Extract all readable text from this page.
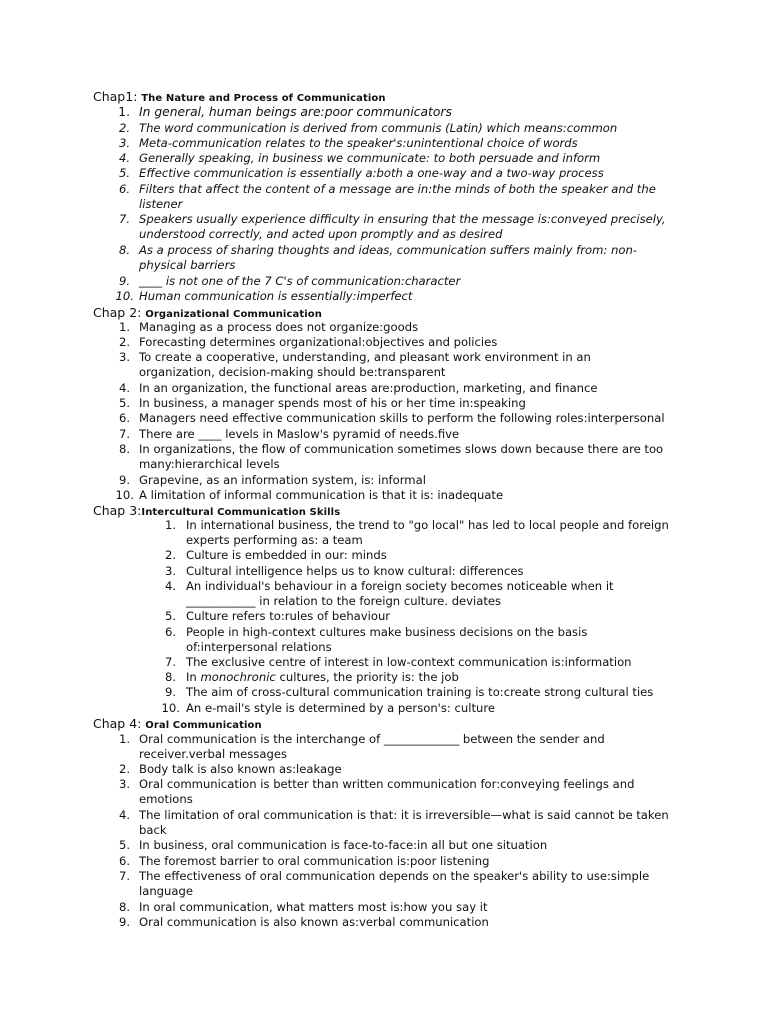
Chap1: The Nature and Process of Communication
1. In general, human beings are:poor communicators
2. The word communication is derived from communis (Latin) which means:common
3. Meta-communication relates to the speaker's:unintentional choice of words
4. Generally speaking, in business we communicate: to both persuade and inform
5. Effective communication is essentially a:both a one-way and a two-way process
6. Filters that affect the content of a message are in:the minds of both the speaker and the listener
7. Speakers usually experience difficulty in ensuring that the message is:conveyed precisely, understood correctly, and acted upon promptly and as desired
8. As a process of sharing thoughts and ideas, communication suffers mainly from: non-physical barriers
9. ____ is not one of the 7 C's of communication:character
10. Human communication is essentially:imperfect
Chap 2: Organizational Communication
1. Managing as a process does not organize:goods
2. Forecasting determines organizational:objectives and policies
3. To create a cooperative, understanding, and pleasant work environment in an organization, decision-making should be:transparent
4. In an organization, the functional areas are:production, marketing, and finance
5. In business, a manager spends most of his or her time in:speaking
6. Managers need effective communication skills to perform the following roles:interpersonal
7. There are ____ levels in Maslow's pyramid of needs.five
8. In organizations, the flow of communication sometimes slows down because there are too many:hierarchical levels
9. Grapevine, as an information system, is: informal
10. A limitation of informal communication is that it is: inadequate
Chap 3:Intercultural Communication Skills
1. In international business, the trend to "go local" has led to local people and foreign experts performing as: a team
2. Culture is embedded in our: minds
3. Cultural intelligence helps us to know cultural: differences
4. An individual's behaviour in a foreign society becomes noticeable when it ____________ in relation to the foreign culture. deviates
5. Culture refers to:rules of behaviour
6. People in high-context cultures make business decisions on the basis of:interpersonal relations
7. The exclusive centre of interest in low-context communication is:information
8. In monochronic cultures, the priority is: the job
9. The aim of cross-cultural communication training is to:create strong cultural ties
10. An e-mail's style is determined by a person's: culture
Chap 4: Oral Communication
1. Oral communication is the interchange of _____________ between the sender and receiver.verbal messages
2. Body talk is also known as:leakage
3. Oral communication is better than written communication for:conveying feelings and emotions
4. The limitation of oral communication is that: it is irreversible—what is said cannot be taken back
5. In business, oral communication is face-to-face:in all but one situation
6. The foremost barrier to oral communication is:poor listening
7. The effectiveness of oral communication depends on the speaker's ability to use:simple language
8. In oral communication, what matters most is:how you say it
9. Oral communication is also known as:verbal communication
